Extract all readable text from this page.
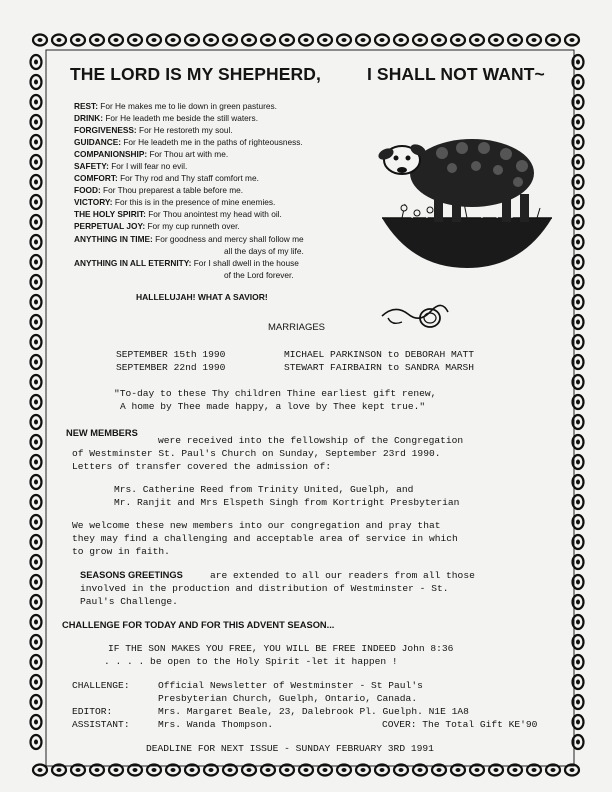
THE LORD IS MY SHEPHERD,	I SHALL NOT WANT~
REST: For He makes me to lie down in green pastures.
DRINK: For He leadeth me beside the still waters.
FORGIVENESS: For He restoreth my soul.
GUIDANCE: For He leadeth me in the paths of righteousness.
COMPANIONSHIP: For Thou art with me.
SAFETY: For I will fear no evil.
COMFORT: For Thy rod and Thy staff comfort me.
FOOD: For Thou preparest a table before me.
VICTORY: For this is in the presence of mine enemies.
THE HOLY SPIRIT: For Thou anointest my head with oil.
PERPETUAL JOY: For my cup runneth over.
ANYTHING IN TIME: For goodness and mercy shall follow me
all the days of my life.
ANYTHING IN ALL ETERNITY: For I shall dwell in the house
of the Lord forever.
HALLELUJAH! WHAT A SAVIOR!
MARRIAGES
SEPTEMBER 15th 1990	MICHAEL PARKINSON to DEBORAH MATT
SEPTEMBER 22nd 1990	STEWART FAIRBAIRN to SANDRA MARSH
"To-day to these Thy children Thine earliest gift renew,
A home by Thee made happy, a love by Thee kept true."
NEW MEMBERS
were received into the fellowship of the Congregation
of Westminster St. Paul's Church on Sunday, September 23rd 1990.
Letters of transfer covered the admission of:
Mrs. Catherine Reed from Trinity United, Guelph, and
Mr. Ranjit and Mrs Elspeth Singh from Kortright Presbyterian
We welcome these new members into our congregation and pray that
they may find a challenging and acceptable area of service in which
to grow in faith.
SEASONS GREETINGS	are extended to all our readers from all those
involved in the production and distribution of Westminster - St.
Paul's Challenge.
CHALLENGE FOR TODAY AND FOR THIS ADVENT SEASON...
IF THE SON MAKES YOU FREE, YOU WILL BE FREE INDEED John 8:36
. . . . be open to the Holy Spirit -let it happen !
CHALLENGE:	Official Newsletter of Westminster - St Paul's
Presbyterian Church, Guelph, Ontario, Canada.
EDITOR:	Mrs. Margaret Beale, 23, Dalebrook Pl. Guelph. N1E 1A8
ASSISTANT:	Mrs. Wanda Thompson.	COVER: The Total Gift KE'90
DEADLINE FOR NEXT ISSUE - SUNDAY FEBRUARY 3RD 1991
